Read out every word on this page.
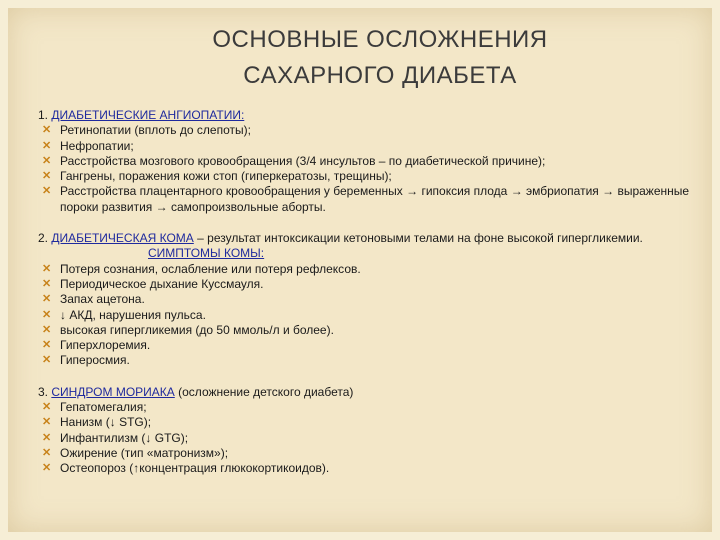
ОСНОВНЫЕ ОСЛОЖНЕНИЯ
САХАРНОГО ДИАБЕТА
1. ДИАБЕТИЧЕСКИЕ АНГИОПАТИИ:
✕ Ретинопатии (вплоть до слепоты);
✕ Нефропатии;
✕ Расстройства мозгового кровообращения (3/4 инсультов – по диабетической причине);
✕ Гангрены, поражения кожи стоп (гиперкератозы, трещины);
✕ Расстройства плацентарного кровообращения у беременных → гипоксия плода → эмбриопатия → выраженные пороки развития → самопроизвольные аборты.
2. ДИАБЕТИЧЕСКАЯ КОМА – результат интоксикации кетоновыми телами на фоне высокой гипергликемии.
СИМПТОМЫ КОМЫ:
✕ Потеря сознания, ослабление или потеря рефлексов.
✕ Периодическое дыхание Куссмауля.
✕ Запах ацетона.
✕ ↓ АКД, нарушения пульса.
✕ высокая гипергликемия (до 50 ммоль/л и более).
✕ Гиперхлоремия.
✕ Гиперосмия.
3. СИНДРОМ МОРИАКА (осложнение детского диабета)
✕ Гепатомегалия;
✕ Нанизм (↓ STG);
✕ Инфантилизм (↓ GTG);
✕ Ожирение (тип «матронизм»);
✕ Остеопороз (↑концентрация глюкокортикоидов).
